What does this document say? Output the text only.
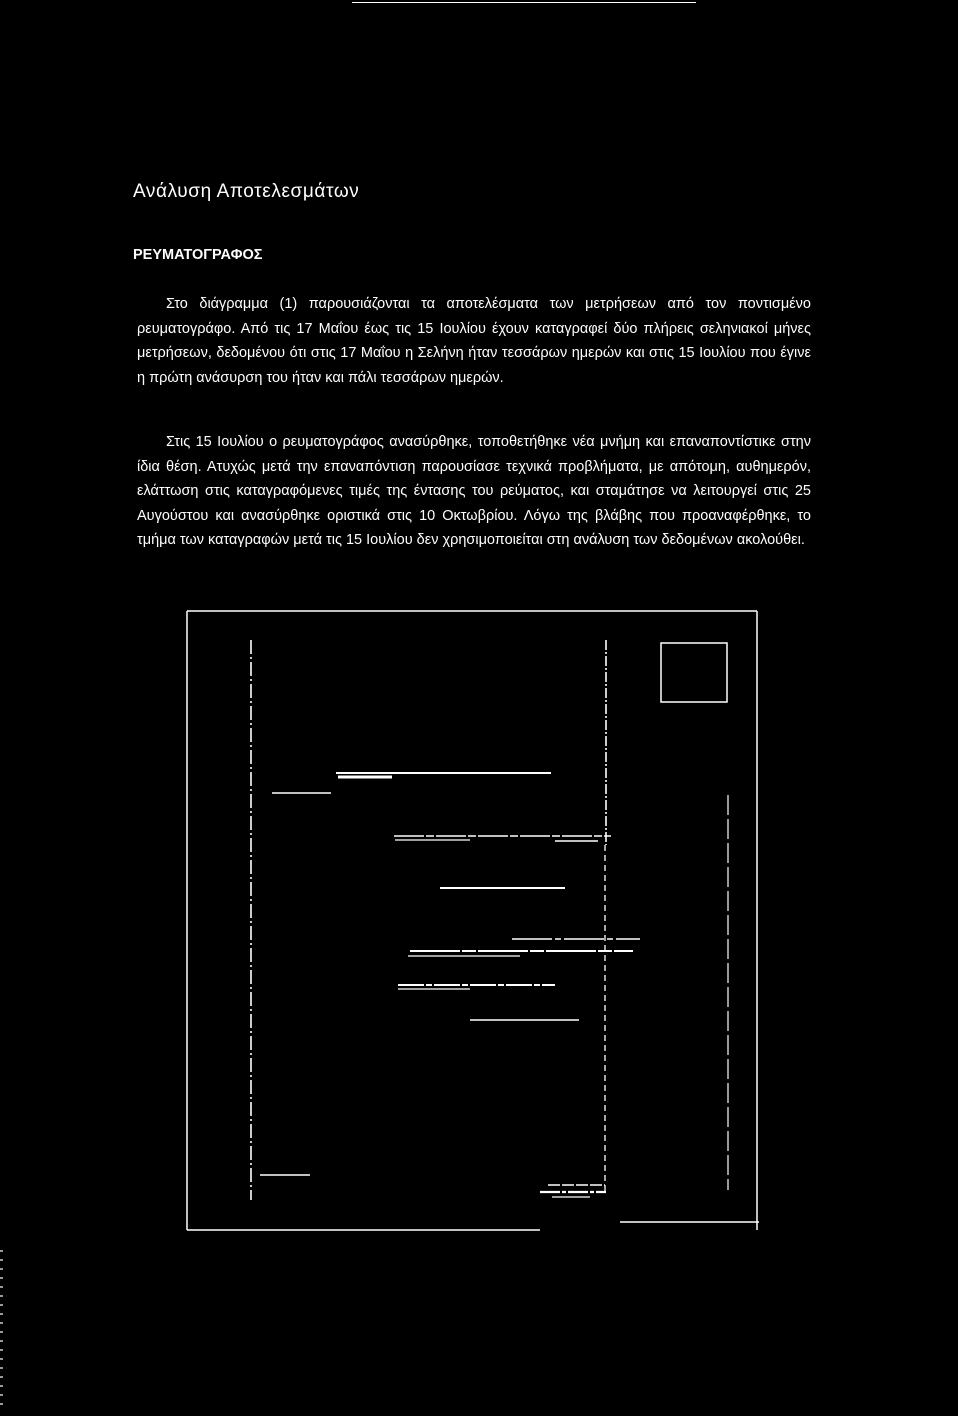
Ανάλυση Αποτελεσμάτων
ΡΕΥΜΑΤΟΓΡΑΦΟΣ

Στο διάγραμμα (1) παρουσιάζονται τα αποτελέσματα των μετρήσεων από τον ποντισμένο ρευματογράφο. Από τις 17 Μαΐου έως τις 15 Ιουλίου έχουν καταγραφεί δύο πλήρεις σεληνιακοί μήνες μετρήσεων, δεδομένου ότι στις 17 Μαΐου η Σελήνη ήταν τεσσάρων ημερών και στις 15 Ιουλίου που έγινε η πρώτη ανάσυρση του ήταν και πάλι τεσσάρων ημερών.

Στις 15 Ιουλίου ο ρευματογράφος ανασύρθηκε, τοποθετήθηκε νέα μνήμη και επαναποντίστικε στην ίδια θέση. Ατυχώς μετά την επαναπόντιση παρουσίασε τεχνικά προβλήματα, με απότομη, αυθημερόν, ελάττωση στις καταγραφόμενες τιμές της έντασης του ρεύματος, και σταμάτησε να λειτουργεί στις 25 Αυγούστου και ανασύρθηκε οριστικά στις 10 Οκτωβρίου. Λόγω της βλάβης που προαναφέρθηκε, το τμήμα των καταγραφών μετά τις 15 Ιουλίου δεν χρησιμοποιείται στη ανάλυση των δεδομένων ακολούθει.
